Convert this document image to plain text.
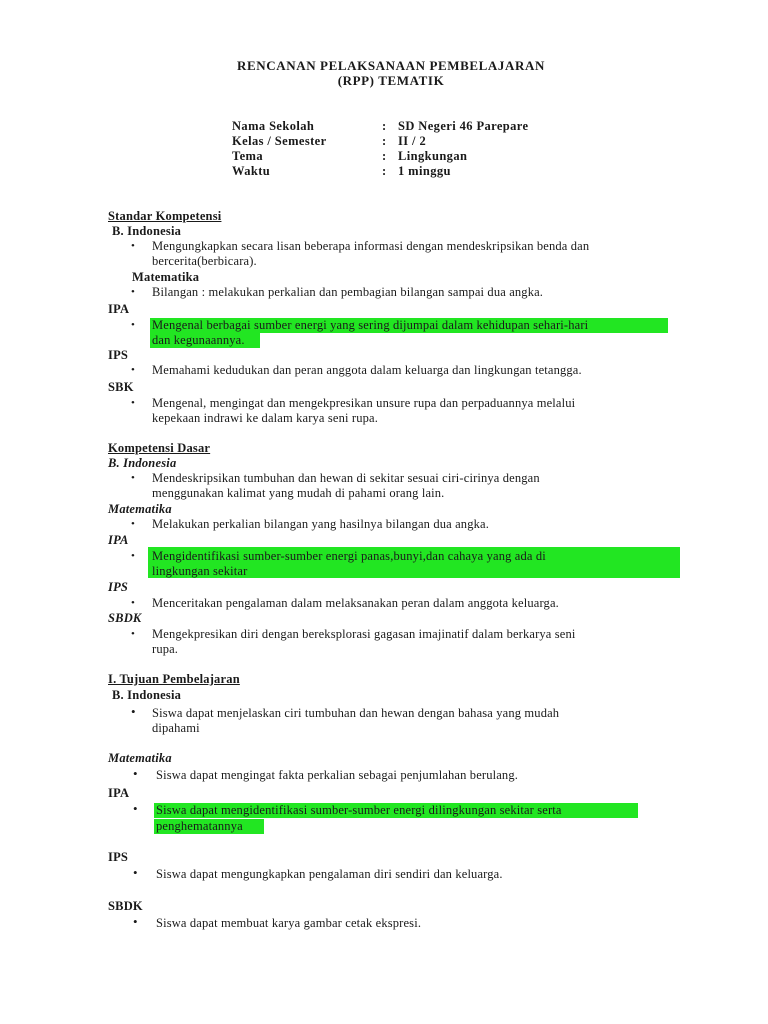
RENCANAN PELAKSANAAN PEMBELAJARAN
(RPP) TEMATIK
Nama Sekolah	: SD Negeri 46 Parepare
Kelas / Semester	: II / 2
Tema	: Lingkungan
Waktu	: 1 minggu
Standar Kompetensi
B. Indonesia
• Mengungkapkan secara lisan beberapa informasi dengan mendeskripsikan benda dan
bercerita(berbicara).
Matematika
• Bilangan : melakukan perkalian dan pembagian bilangan sampai dua angka.
IPA
• Mengenal berbagai sumber energi yang sering dijumpai dalam kehidupan sehari-hari
dan kegunaannya.
IPS
• Memahami kedudukan dan peran anggota dalam keluarga dan lingkungan tetangga.
SBK
• Mengenal, mengingat dan mengekpresikan unsure rupa dan perpaduannya melalui
kepekaan indrawi ke dalam karya seni rupa.
Kompetensi Dasar
B. Indonesia
• Mendeskripsikan tumbuhan dan hewan di sekitar sesuai ciri-cirinya dengan
menggunakan kalimat yang mudah di pahami orang lain.
Matematika
• Melakukan perkalian bilangan yang hasilnya bilangan dua angka.
IPA
• Mengidentifikasi sumber-sumber energi panas,bunyi,dan cahaya yang ada di
lingkungan sekitar
IPS
• Menceritakan pengalaman dalam melaksanakan peran dalam anggota keluarga.
SBDK
• Mengekpresikan diri dengan bereksplorasi gagasan imajinatif dalam berkarya seni
rupa.
I. Tujuan Pembelajaran
B. Indonesia
• Siswa dapat menjelaskan ciri tumbuhan dan hewan dengan bahasa yang mudah
dipahami
Matematika
• Siswa dapat mengingat fakta perkalian sebagai penjumlahan berulang.
IPA
• Siswa dapat mengidentifikasi sumber-sumber energi dilingkungan sekitar serta
penghematannya
IPS
• Siswa dapat mengungkapkan pengalaman diri sendiri dan keluarga.
SBDK
• Siswa dapat membuat karya gambar cetak ekspresi.
